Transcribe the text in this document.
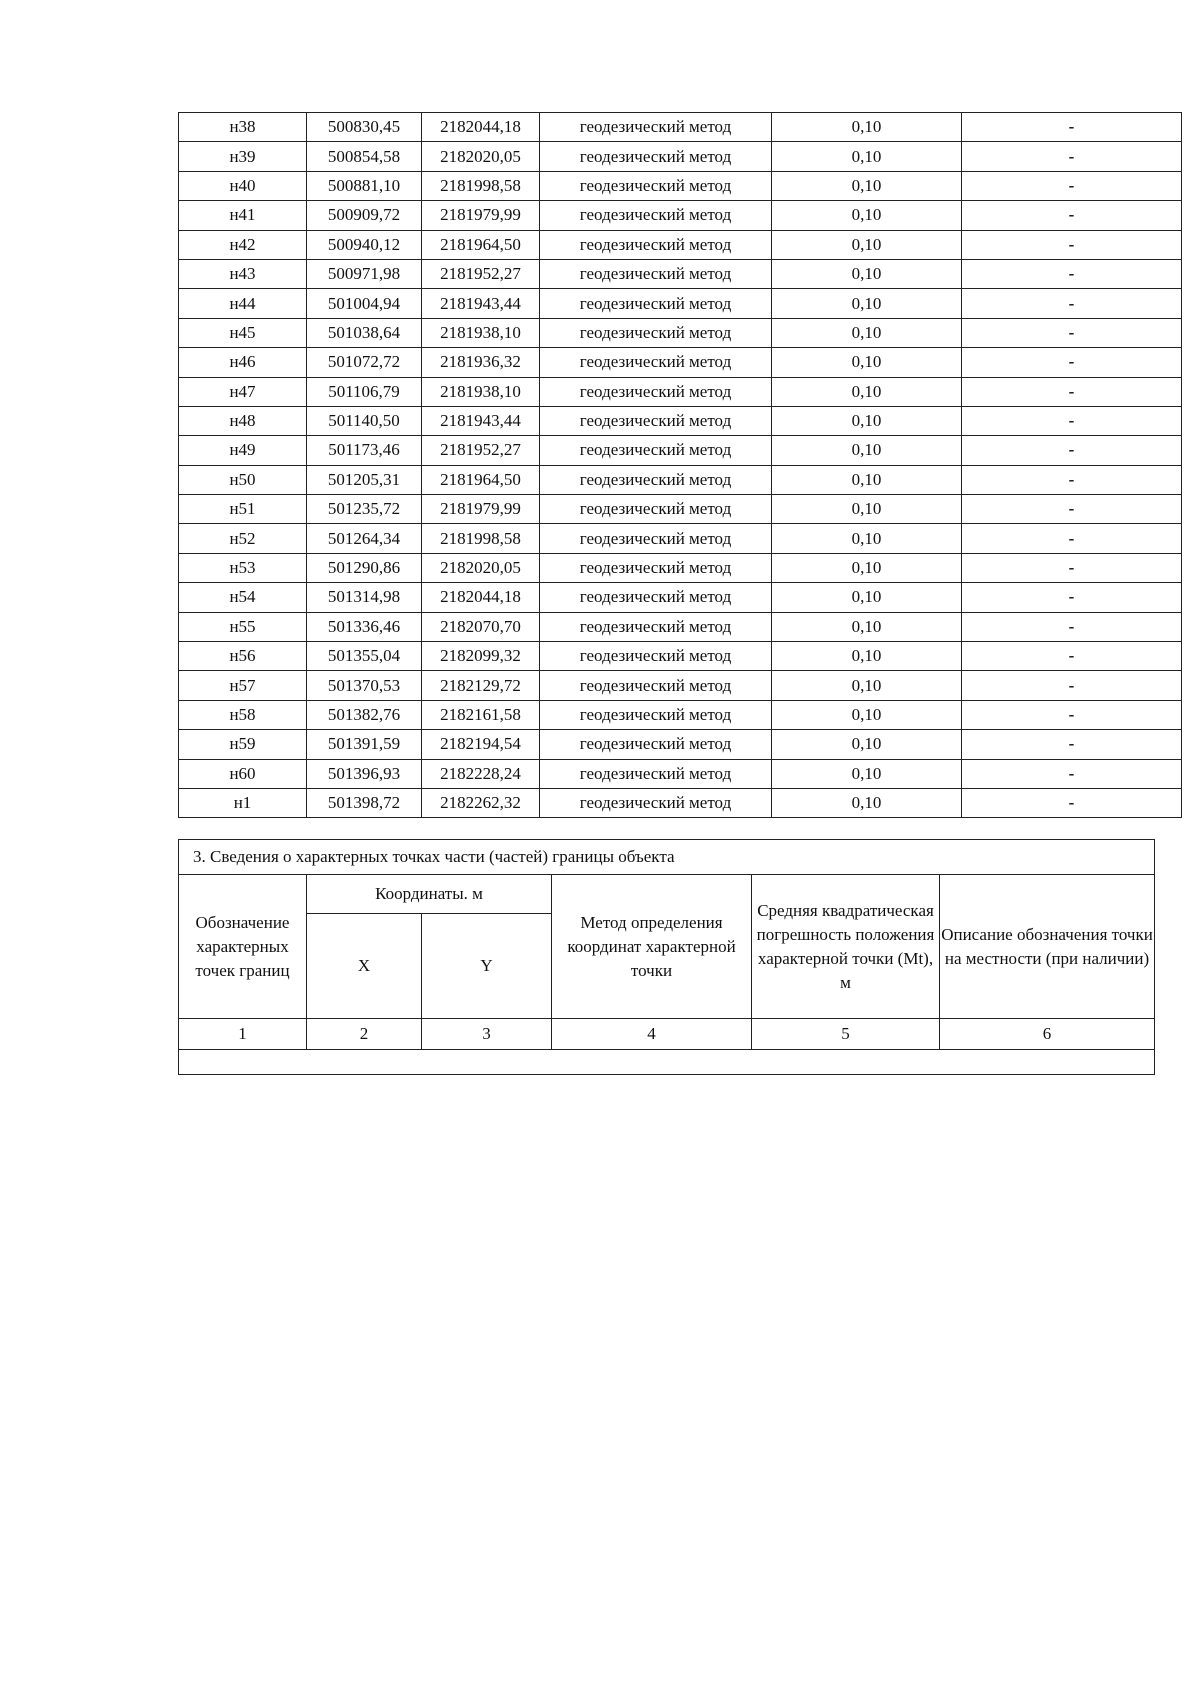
н38	500830,45	2182044,18	геодезический метод	0,10	-
н39	500854,58	2182020,05	геодезический метод	0,10	-
н40	500881,10	2181998,58	геодезический метод	0,10	-
н41	500909,72	2181979,99	геодезический метод	0,10	-
н42	500940,12	2181964,50	геодезический метод	0,10	-
н43	500971,98	2181952,27	геодезический метод	0,10	-
н44	501004,94	2181943,44	геодезический метод	0,10	-
н45	501038,64	2181938,10	геодезический метод	0,10	-
н46	501072,72	2181936,32	геодезический метод	0,10	-
н47	501106,79	2181938,10	геодезический метод	0,10	-
н48	501140,50	2181943,44	геодезический метод	0,10	-
н49	501173,46	2181952,27	геодезический метод	0,10	-
н50	501205,31	2181964,50	геодезический метод	0,10	-
н51	501235,72	2181979,99	геодезический метод	0,10	-
н52	501264,34	2181998,58	геодезический метод	0,10	-
н53	501290,86	2182020,05	геодезический метод	0,10	-
н54	501314,98	2182044,18	геодезический метод	0,10	-
н55	501336,46	2182070,70	геодезический метод	0,10	-
н56	501355,04	2182099,32	геодезический метод	0,10	-
н57	501370,53	2182129,72	геодезический метод	0,10	-
н58	501382,76	2182161,58	геодезический метод	0,10	-
н59	501391,59	2182194,54	геодезический метод	0,10	-
н60	501396,93	2182228,24	геодезический метод	0,10	-
н1	501398,72	2182262,32	геодезический метод	0,10	-
3. Сведения о характерных точках части (частей) границы объекта					
Обозначение характерных точек границ	Координаты. м		Метод определения координат характерной точки	Средняя квадратическая погрешность положения характерной точки (Mt), м	Описание обозначения точки на местности (при наличии)
	X	Y			
1	2	3	4	5	6
